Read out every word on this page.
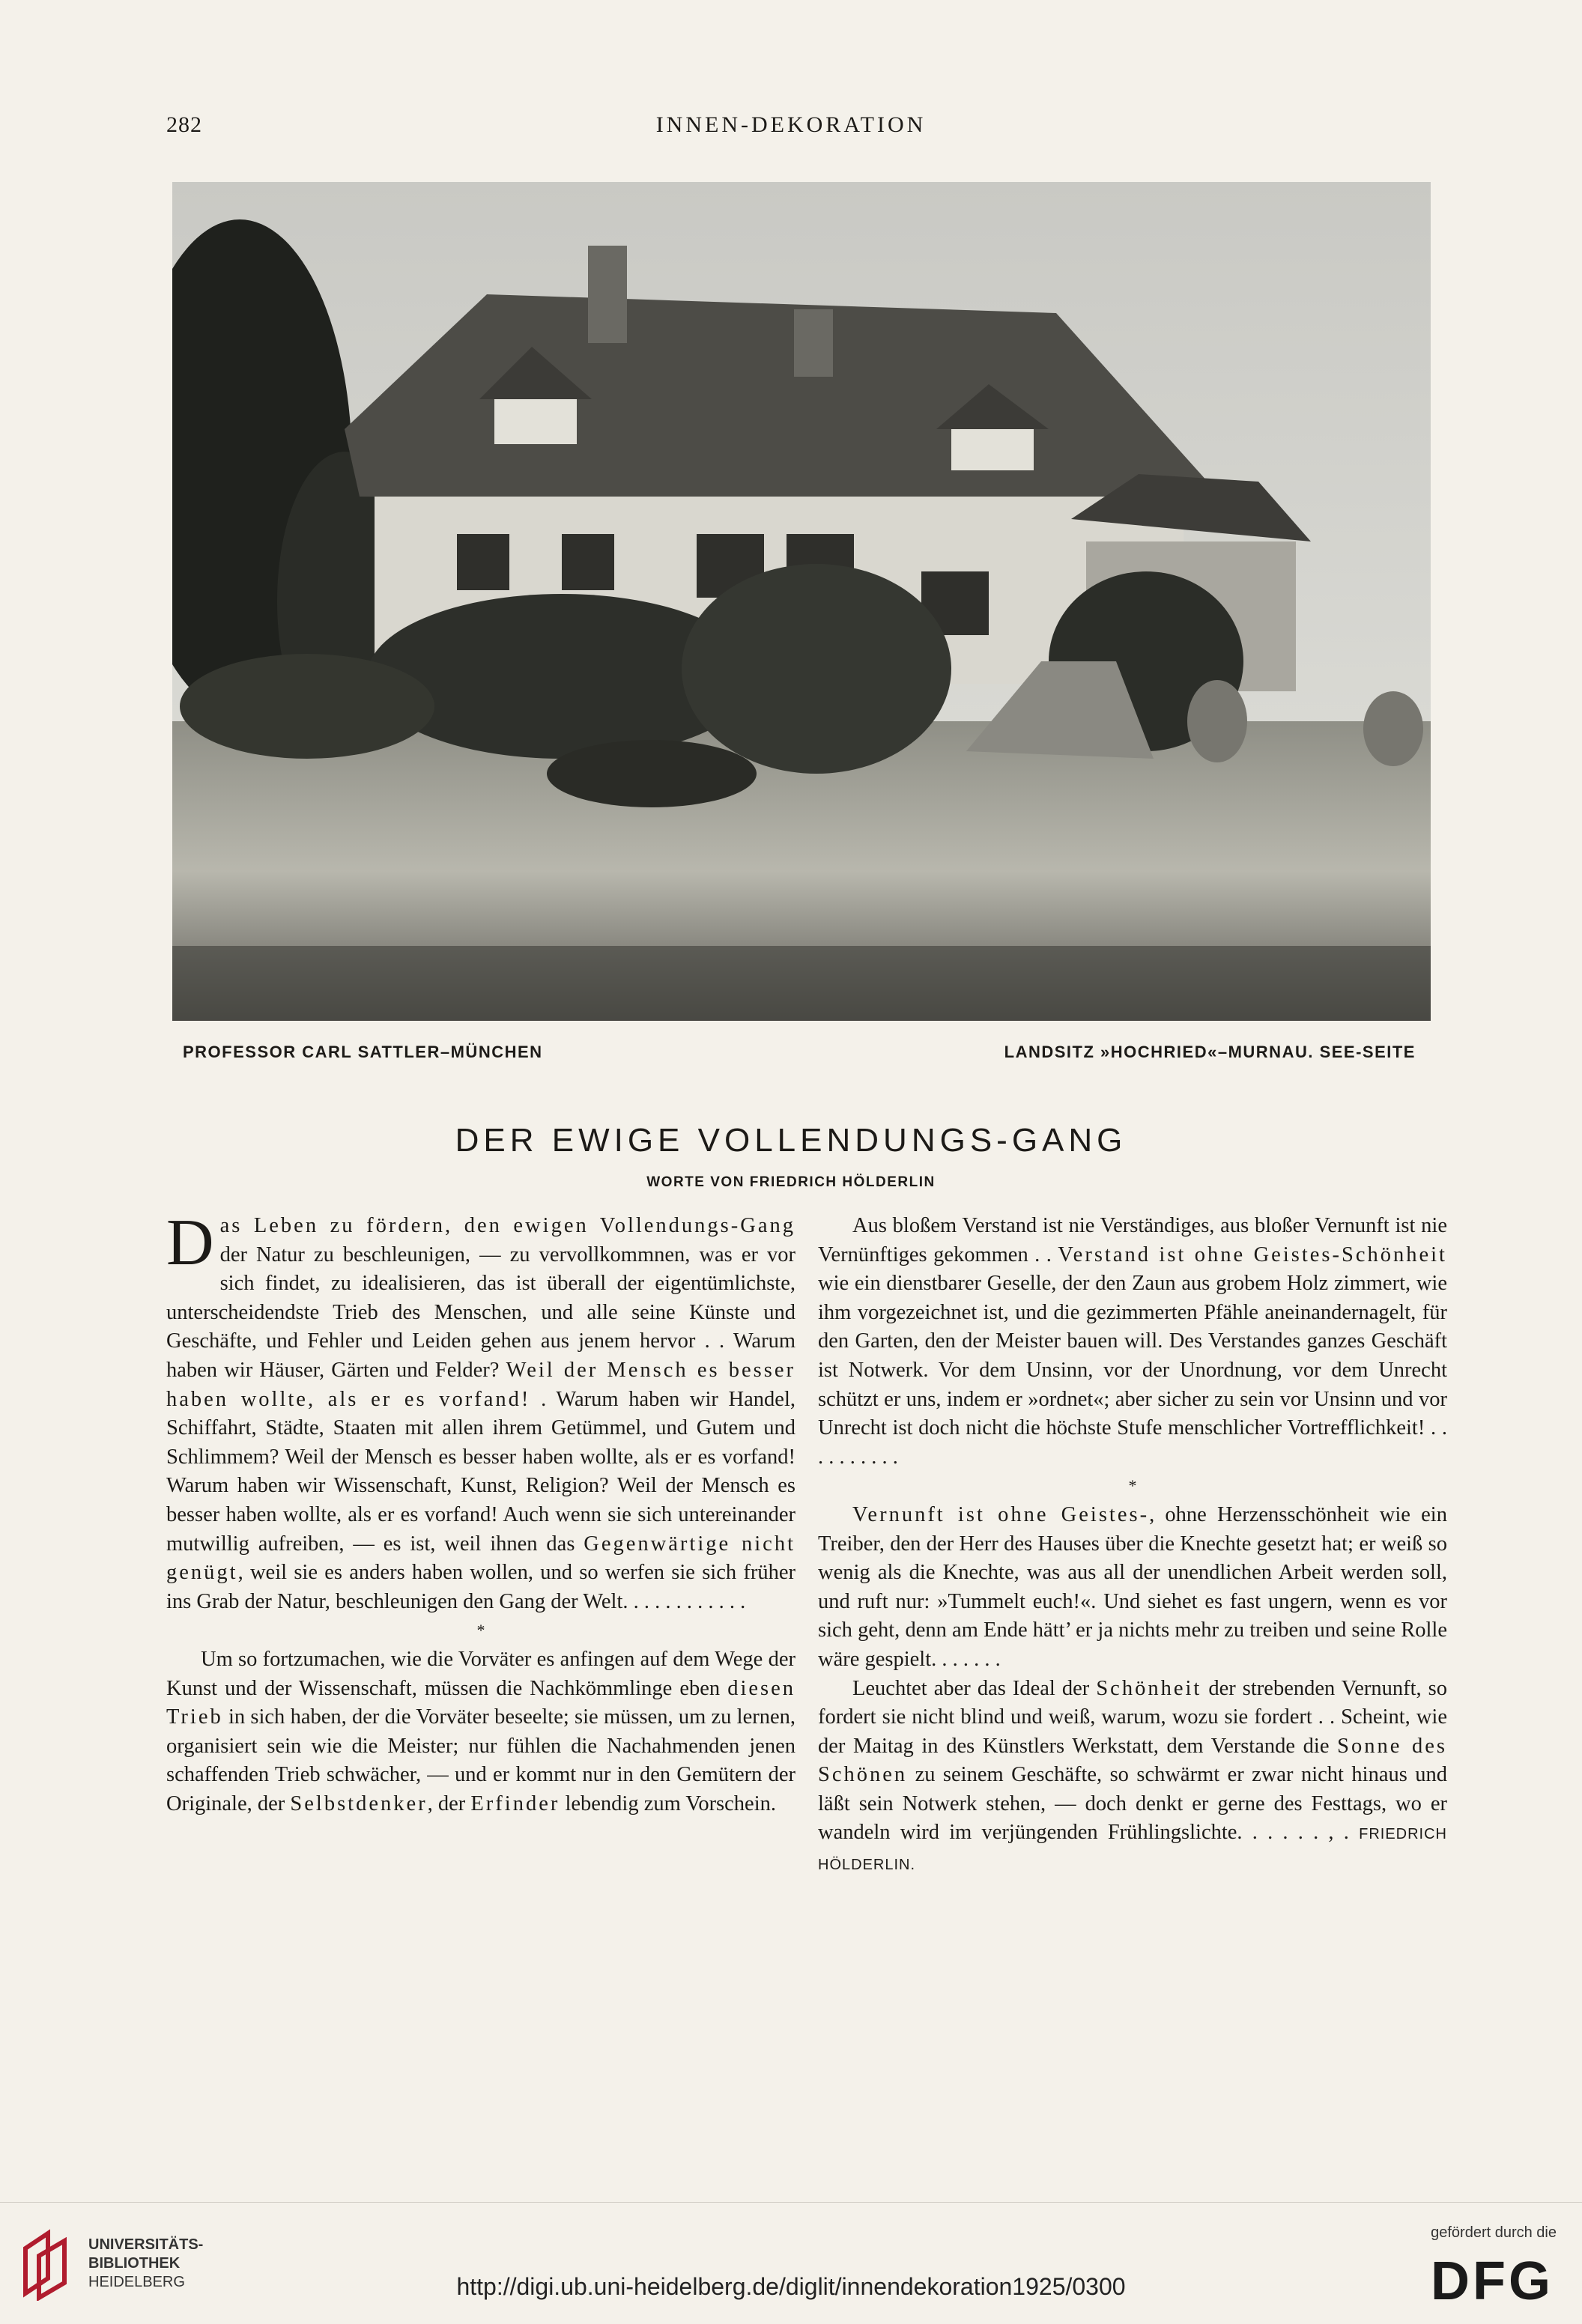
282	INNEN-DEKORATION
PROFESSOR CARL SATTLER–MÜNCHEN	LANDSITZ »HOCHRIED«–MURNAU. SEE-SEITE
DER EWIGE VOLLENDUNGS-GANG
WORTE VON FRIEDRICH HÖLDERLIN

Das Leben zu fördern, den ewigen Vollendungs-Gang der Natur zu beschleunigen, — zu vervollkommnen, was er vor sich findet, zu idealisieren, das ist überall der eigentümlichste, unterscheidendste Trieb des Menschen, und alle seine Künste und Geschäfte, und Fehler und Leiden gehen aus jenem hervor . . Warum haben wir Häuser, Gärten und Felder? Weil der Mensch es besser haben wollte, als er es vorfand! . Warum haben wir Handel, Schiffahrt, Städte, Staaten mit allen ihrem Getümmel, und Gutem und Schlimmem? Weil der Mensch es besser haben wollte, als er es vorfand! Warum haben wir Wissenschaft, Kunst, Religion? Weil der Mensch es besser haben wollte, als er es vorfand! Auch wenn sie sich untereinander mutwillig aufreiben, — es ist, weil ihnen das Gegenwärtige nicht genügt, weil sie es anders haben wollen, und so werfen sie sich früher ins Grab der Natur, beschleunigen den Gang der Welt. . . . . . . . . . . .

*

Um so fortzumachen, wie die Vorväter es anfingen auf dem Wege der Kunst und der Wissenschaft, müssen die Nachkömmlinge eben diesen Trieb in sich haben, der die Vorväter beseelte; sie müssen, um zu lernen, organisiert sein wie die Meister; nur fühlen die Nachahmenden jenen schaffenden Trieb schwächer, — und er kommt nur in den Gemütern der Originale, der Selbstdenker, der Erfinder lebendig zum Vorschein.

Aus bloßem Verstand ist nie Verständiges, aus bloßer Vernunft ist nie Vernünftiges gekommen . . Verstand ist ohne Geistes-Schönheit wie ein dienstbarer Geselle, der den Zaun aus grobem Holz zimmert, wie ihm vorgezeichnet ist, und die gezimmerten Pfähle aneinandernagelt, für den Garten, den der Meister bauen will. Des Verstandes ganzes Geschäft ist Notwerk. Vor dem Unsinn, vor der Unordnung, vor dem Unrecht schützt er uns, indem er »ordnet«; aber sicher zu sein vor Unsinn und vor Unrecht ist doch nicht die höchste Stufe menschlicher Vortrefflichkeit! . . . . . . . . . .

*

Vernunft ist ohne Geistes-, ohne Herzensschönheit wie ein Treiber, den der Herr des Hauses über die Knechte gesetzt hat; er weiß so wenig als die Knechte, was aus all der unendlichen Arbeit werden soll, und ruft nur: »Tummelt euch!«. Und siehet es fast ungern, wenn es vor sich geht, denn am Ende hätt’ er ja nichts mehr zu treiben und seine Rolle wäre gespielt. . . . . . .

Leuchtet aber das Ideal der Schönheit der strebenden Vernunft, so fordert sie nicht blind und weiß, warum, wozu sie fordert . . Scheint, wie der Maitag in des Künstlers Werkstatt, dem Verstande die Sonne des Schönen zu seinem Geschäfte, so schwärmt er zwar nicht hinaus und läßt sein Notwerk stehen, — doch denkt er gerne des Festtags, wo er wandeln wird im verjüngenden Frühlingslichte. . . . . . , . FRIEDRICH HÖLDERLIN.

UNIVERSITÄTS-
BIBLIOTHEK
HEIDELBERG	http://digi.ub.uni-heidelberg.de/diglit/innendekoration1925/0300
gefördert durch die
DFG
